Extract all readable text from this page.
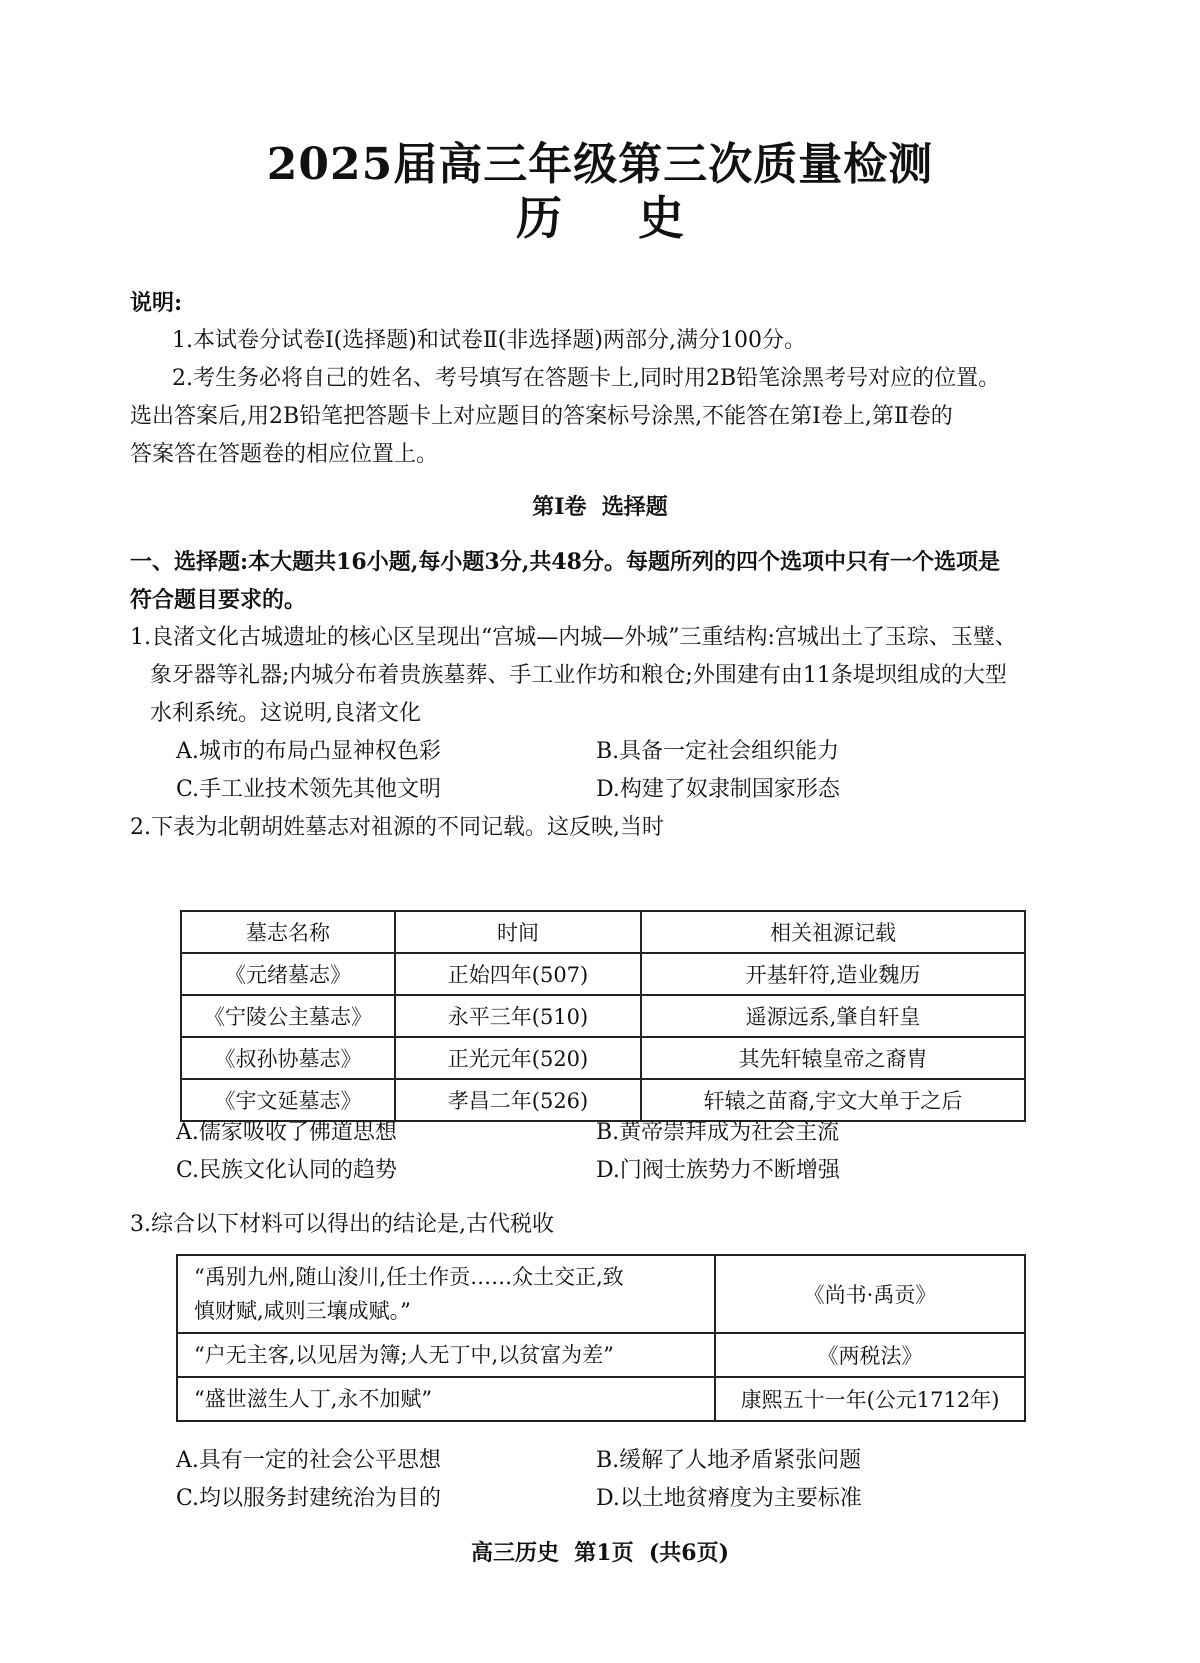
2025届高三年级第三次质量检测
历 史
说明:
1.本试卷分试卷Ⅰ(选择题)和试卷Ⅱ(非选择题)两部分,满分100分。
2.考生务必将自己的姓名、考号填写在答题卡上,同时用2B铅笔涂黑考号对应的位置。
选出答案后,用2B铅笔把答题卡上对应题目的答案标号涂黑,不能答在第Ⅰ卷上,第Ⅱ卷的
答案答在答题卷的相应位置上。
第Ⅰ卷  选择题
一、选择题:本大题共16小题,每小题3分,共48分。每题所列的四个选项中只有一个选项是
符合题目要求的。
1.良渚文化古城遗址的核心区呈现出“宫城—内城—外城”三重结构:宫城出土了玉琮、玉璧、
象牙器等礼器;内城分布着贵族墓葬、手工业作坊和粮仓;外围建有由11条堤坝组成的大型
水利系统。这说明,良渚文化
A.城市的布局凸显神权色彩	B.具备一定社会组织能力
C.手工业技术领先其他文明	D.构建了奴隶制国家形态
2.下表为北朝胡姓墓志对祖源的不同记载。这反映,当时
墓志名称	时间	相关祖源记载
《元绪墓志》	正始四年(507)	开基轩符,造业魏历
《宁陵公主墓志》	永平三年(510)	遥源远系,肇自轩皇
《叔孙协墓志》	正光元年(520)	其先轩辕皇帝之裔胄
《宇文延墓志》	孝昌二年(526)	轩辕之苗裔,宇文大单于之后
A.儒家吸收了佛道思想	B.黄帝崇拜成为社会主流
C.民族文化认同的趋势	D.门阀士族势力不断增强
3.综合以下材料可以得出的结论是,古代税收
“禹别九州,随山浚川,任土作贡……众土交正,致
慎财赋,咸则三壤成赋。”	《尚书·禹贡》
“户无主客,以见居为簿;人无丁中,以贫富为差”	《两税法》
“盛世滋生人丁,永不加赋”	康熙五十一年(公元1712年)
A.具有一定的社会公平思想	B.缓解了人地矛盾紧张问题
C.均以服务封建统治为目的	D.以土地贫瘠度为主要标准
高三历史  第1页  (共6页)
